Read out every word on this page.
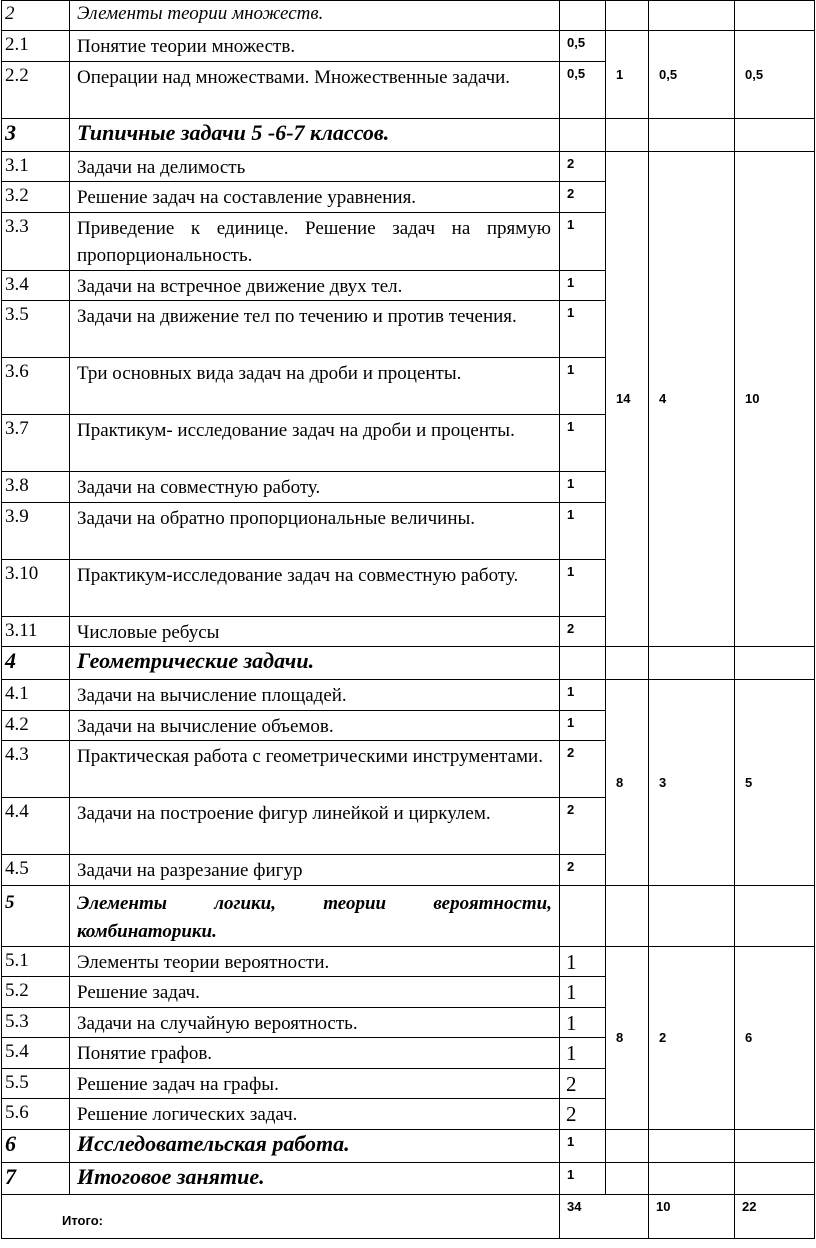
2	Элементы теории множеств.				
2.1	Понятие теории множеств.	0,5	1	0,5	0,5
2.2	Операции над множествами. Множественные задачи.	0,5			
3	Типичные задачи 5 -6-7 классов.				
3.1	Задачи на делимость	2	14	4	10
3.2	Решение задач на составление уравнения.	2			
3.3	Приведение к единице. Решение задач на прямую пропорциональность.	1			
3.4	Задачи на встречное движение двух тел.	1			
3.5	Задачи на движение тел по течению и против течения.	1			
3.6	Три основных вида задач на дроби и проценты.	1			
3.7	Практикум- исследование задач на дроби и проценты.	1			
3.8	Задачи на совместную работу.	1			
3.9	Задачи на обратно пропорциональные величины.	1			
3.10	Практикум-исследование задач на совместную работу.	1			
3.11	Числовые ребусы	2			
4	Геометрические задачи.				
4.1	Задачи на вычисление площадей.	1	8	3	5
4.2	Задачи на вычисление объемов.	1			
4.3	Практическая работа с геометрическими инструментами.	2			
4.4	Задачи на построение фигур линейкой и циркулем.	2			
4.5	Задачи на разрезание фигур	2			
5	Элементы логики, теории вероятности,
комбинаторики.				

5.1	Элементы теории вероятности.	1	8	2	6
5.2	Решение задач.	1			
5.3	Задачи на случайную вероятность.	1			
5.4	Понятие графов.	1			
5.5	Решение задач на графы.	2			
5.6	Решение логических задач.	2			
6	Исследовательская работа.	1			
7	Итоговое занятие.	1			
Итого:		34		10	22
